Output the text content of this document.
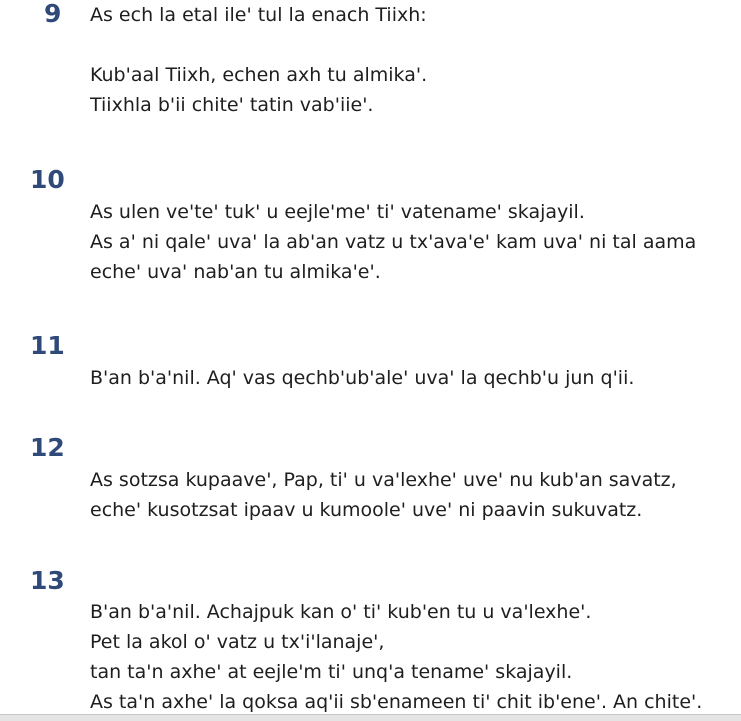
9 As ech la etal ile' tul la enach Tiixh:
Kub'aal Tiixh, echen axh tu almika'.
Tiixhla b'ii chite' tatin vab'iie'.
10
As ulen ve'te' tuk' u eejle'me' ti' vatename' skajayil.
As a' ni qale' uva' la ab'an vatz u tx'ava'e' kam uva' ni tal aama
eche' uva' nab'an tu almika'e'.
11
B'an b'a'nil. Aq' vas qechb'ub'ale' uva' la qechb'u jun q'ii.
12
As sotzsa kupaave', Pap, ti' u va'lexhe' uve' nu kub'an savatz,
eche' kusotzsat ipaav u kumoole' uve' ni paavin sukuvatz.
13
B'an b'a'nil. Achajpuk kan o' ti' kub'en tu u va'lexhe'.
Pet la akol o' vatz u tx'i'lanaje',
tan ta'n axhe' at eejle'm ti' unq'a tename' skajayil.
As ta'n axhe' la qoksa aq'ii sb'enameen ti' chit ib'ene'. An chite'.
